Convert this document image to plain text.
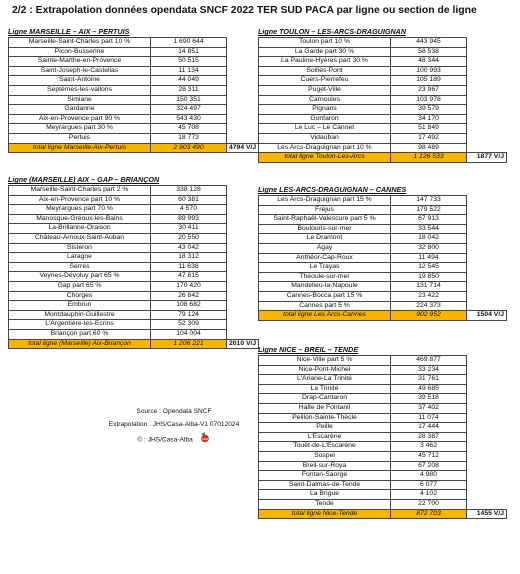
2/2 : Extrapolation données opendata SNCF 2022 TER SUD PACA par ligne ou section de ligne
Ligne MARSEILLE – AIX – PERTUIS
Marseille-Saint-Charles part 10 %	1 690 644	
Picon-Busserine	14 851	
Sainte-Marthe-en-Provence	50 515	
Saint-Joseph-le-Castellas	11 134	
Saint-Antoine	44 049	
Septèmes-les-vallons	28 311	
Simiane	150 351	
Gardanne	324 497	
Aix-en-Provence part 90 %	543 430	
Meyrargues part 30 %	45 708	
Pertuis	18 773	
total ligne Marseille-Aix-Pertuis	2 903 490	4794 V/J
Ligne TOULON – LES-ARCS-DRAGUIGNAN
Toulon part 10 %	443 945	
La Garde part 30 %	58 538	
La Pauline-Hyères part 30 %	48 344	
Solliès-Pont	100 993	
Cuers-Pierrefeu	105 189	
Puget-Ville	23 967	
Carnoules	103 978	
Pignans	39 579	
Gonfaron	34 170	
Le Luc – Le Cannet	51 849	
Vidauban	17 492	
Les Arcs-Draguignan part 10 %	98 489	
total ligne Toulon-Les-Arcs	1 126 533	1877 V/J
Ligne (MARSEILLE) AIX – GAP – BRIANÇON
Marseille-Saint-Charles part 2 %	338 128	
Aix-en-Provence part 10 %	60 381	
Meyrargues part 70 %	4 570	
Manosque-Gréoux-les-Bains	89 993	
La-Brillanne-Oraison	30 411	
Château-Arnoux-Saint-Auban	20 550	
Sisteron	43 042	
Laragne	18 312	
Serres	11 638	
Veynes-Dévoluy part 65 %	47 815	
Gap part 65 %	170 420	
Chorges	26 842	
Embrun	108 682	
Montdauphin-Guillestre	79 124	
L'Argentière-les-Ecrins	52 309	
Briançon part 60 %	104 004	
total ligne (Marseille) Aix-Briançon	1 206 221	2010 V/J
Ligne LES-ARCS-DRAGUIGNAN – CANNES
Les Arcs-Draguignan part 15 %	147 733	
Fréjus	179 522	
Saint-Raphaël-Valescure part 5 %	67 913	
Boulouris-sur-mer	33 544	
Le Dramont	18 042	
Agay	32 800	
Anthéor-Cap-Roux	11 494	
Le Trayas	12 545	
Théoule-sur-mer	19 850	
Mandelieu-la-Napoule	131 714	
Cannes-Bocca part 15 %	23 422	
Cannes part 5 %	224 373	
total ligne Les Arcs-Cannes	902 952	1504 V/J
Ligne NICE – BREIL – TENDE
Nice-Ville part 5 %	469 877	
Nice-Pont-Michel	33 234	
L'Ariane-La Trinité	31 761	
La Trinité	49 685	
Drap-Cantaron	39 518	
Halte de Fontanil	37 402	
Peillon-Sainte-Thècle	11 074	
Peille	17 444	
L'Escarène	28 387	
Touët-de-L'Escarène	3 462	
Sospel	45 712	
Breil-sur-Roya	67 208	
Fontan-Saorge	4 980	
Saint-Dalmas-de-Tende	6 077	
La Brigue	4 102	
Tende	22 700	
total ligne Nice-Tende	872 703	1455 V/J
Source : Opendata SNCF
Extrapolation : JHS/Casa-Alba-V1 07012024
© : JHS/Casa-Alba
